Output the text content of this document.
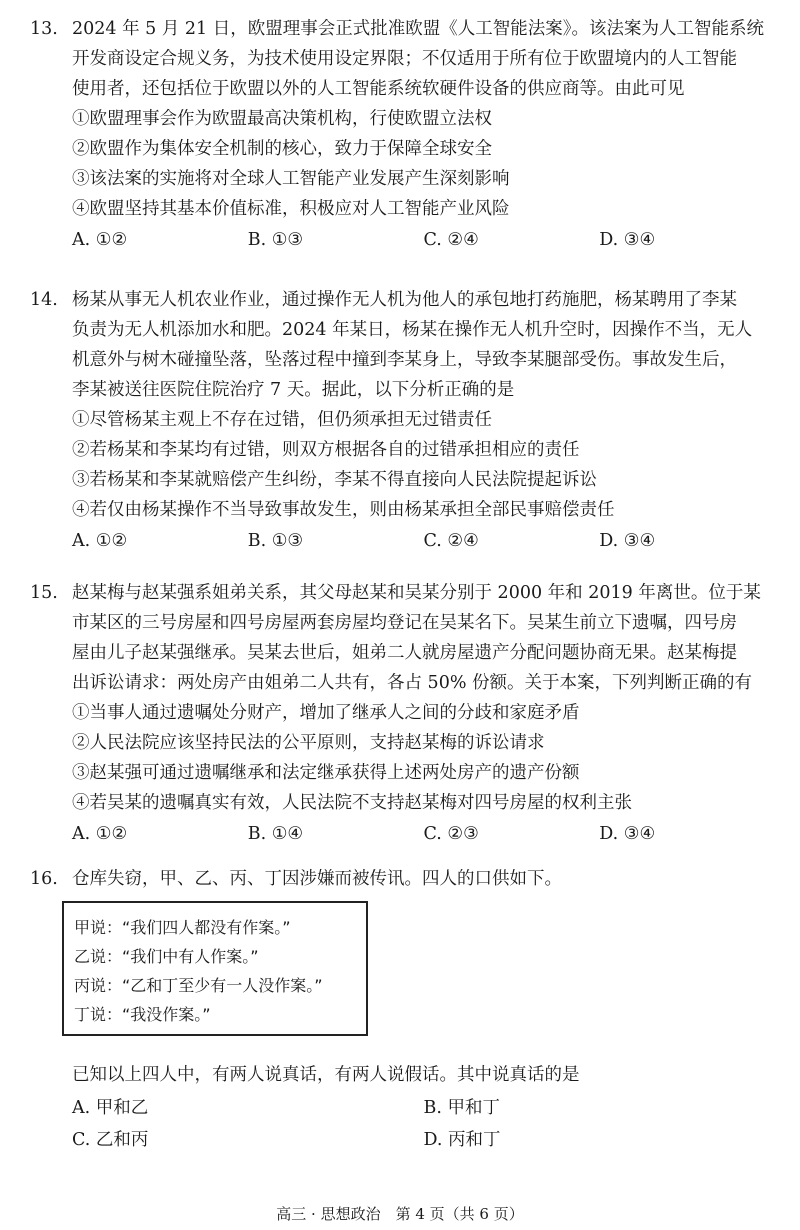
13. 2024 年 5 月 21 日，欧盟理事会正式批准欧盟《人工智能法案》。该法案为人工智能系统
开发商设定合规义务，为技术使用设定界限；不仅适用于所有位于欧盟境内的人工智能
使用者，还包括位于欧盟以外的人工智能系统软硬件设备的供应商等。由此可见
①欧盟理事会作为欧盟最高决策机构，行使欧盟立法权
②欧盟作为集体安全机制的核心，致力于保障全球安全
③该法案的实施将对全球人工智能产业发展产生深刻影响
④欧盟坚持其基本价值标准，积极应对人工智能产业风险
A. ①②	B. ①③	C. ②④	D. ③④
14. 杨某从事无人机农业作业，通过操作无人机为他人的承包地打药施肥，杨某聘用了李某
负责为无人机添加水和肥。2024 年某日，杨某在操作无人机升空时，因操作不当，无人
机意外与树木碰撞坠落，坠落过程中撞到李某身上，导致李某腿部受伤。事故发生后，
李某被送往医院住院治疗 7 天。据此，以下分析正确的是
①尽管杨某主观上不存在过错，但仍须承担无过错责任
②若杨某和李某均有过错，则双方根据各自的过错承担相应的责任
③若杨某和李某就赔偿产生纠纷，李某不得直接向人民法院提起诉讼
④若仅由杨某操作不当导致事故发生，则由杨某承担全部民事赔偿责任
A. ①②	B. ①③	C. ②④	D. ③④
15. 赵某梅与赵某强系姐弟关系，其父母赵某和吴某分别于 2000 年和 2019 年离世。位于某
市某区的三号房屋和四号房屋两套房屋均登记在吴某名下。吴某生前立下遗嘱，四号房
屋由儿子赵某强继承。吴某去世后，姐弟二人就房屋遗产分配问题协商无果。赵某梅提
出诉讼请求：两处房产由姐弟二人共有，各占 50% 份额。关于本案，下列判断正确的有
①当事人通过遗嘱处分财产，增加了继承人之间的分歧和家庭矛盾
②人民法院应该坚持民法的公平原则，支持赵某梅的诉讼请求
③赵某强可通过遗嘱继承和法定继承获得上述两处房产的遗产份额
④若吴某的遗嘱真实有效，人民法院不支持赵某梅对四号房屋的权利主张
A. ①②	B. ①④	C. ②③	D. ③④
16. 仓库失窃，甲、乙、丙、丁因涉嫌而被传讯。四人的口供如下。
甲说：“我们四人都没有作案。”
乙说：“我们中有人作案。”
丙说：“乙和丁至少有一人没作案。”
丁说：“我没作案。”
已知以上四人中，有两人说真话，有两人说假话。其中说真话的是
A. 甲和乙	B. 甲和丁
C. 乙和丙	D. 丙和丁
高三 · 思想政治　第 4 页（共 6 页）
